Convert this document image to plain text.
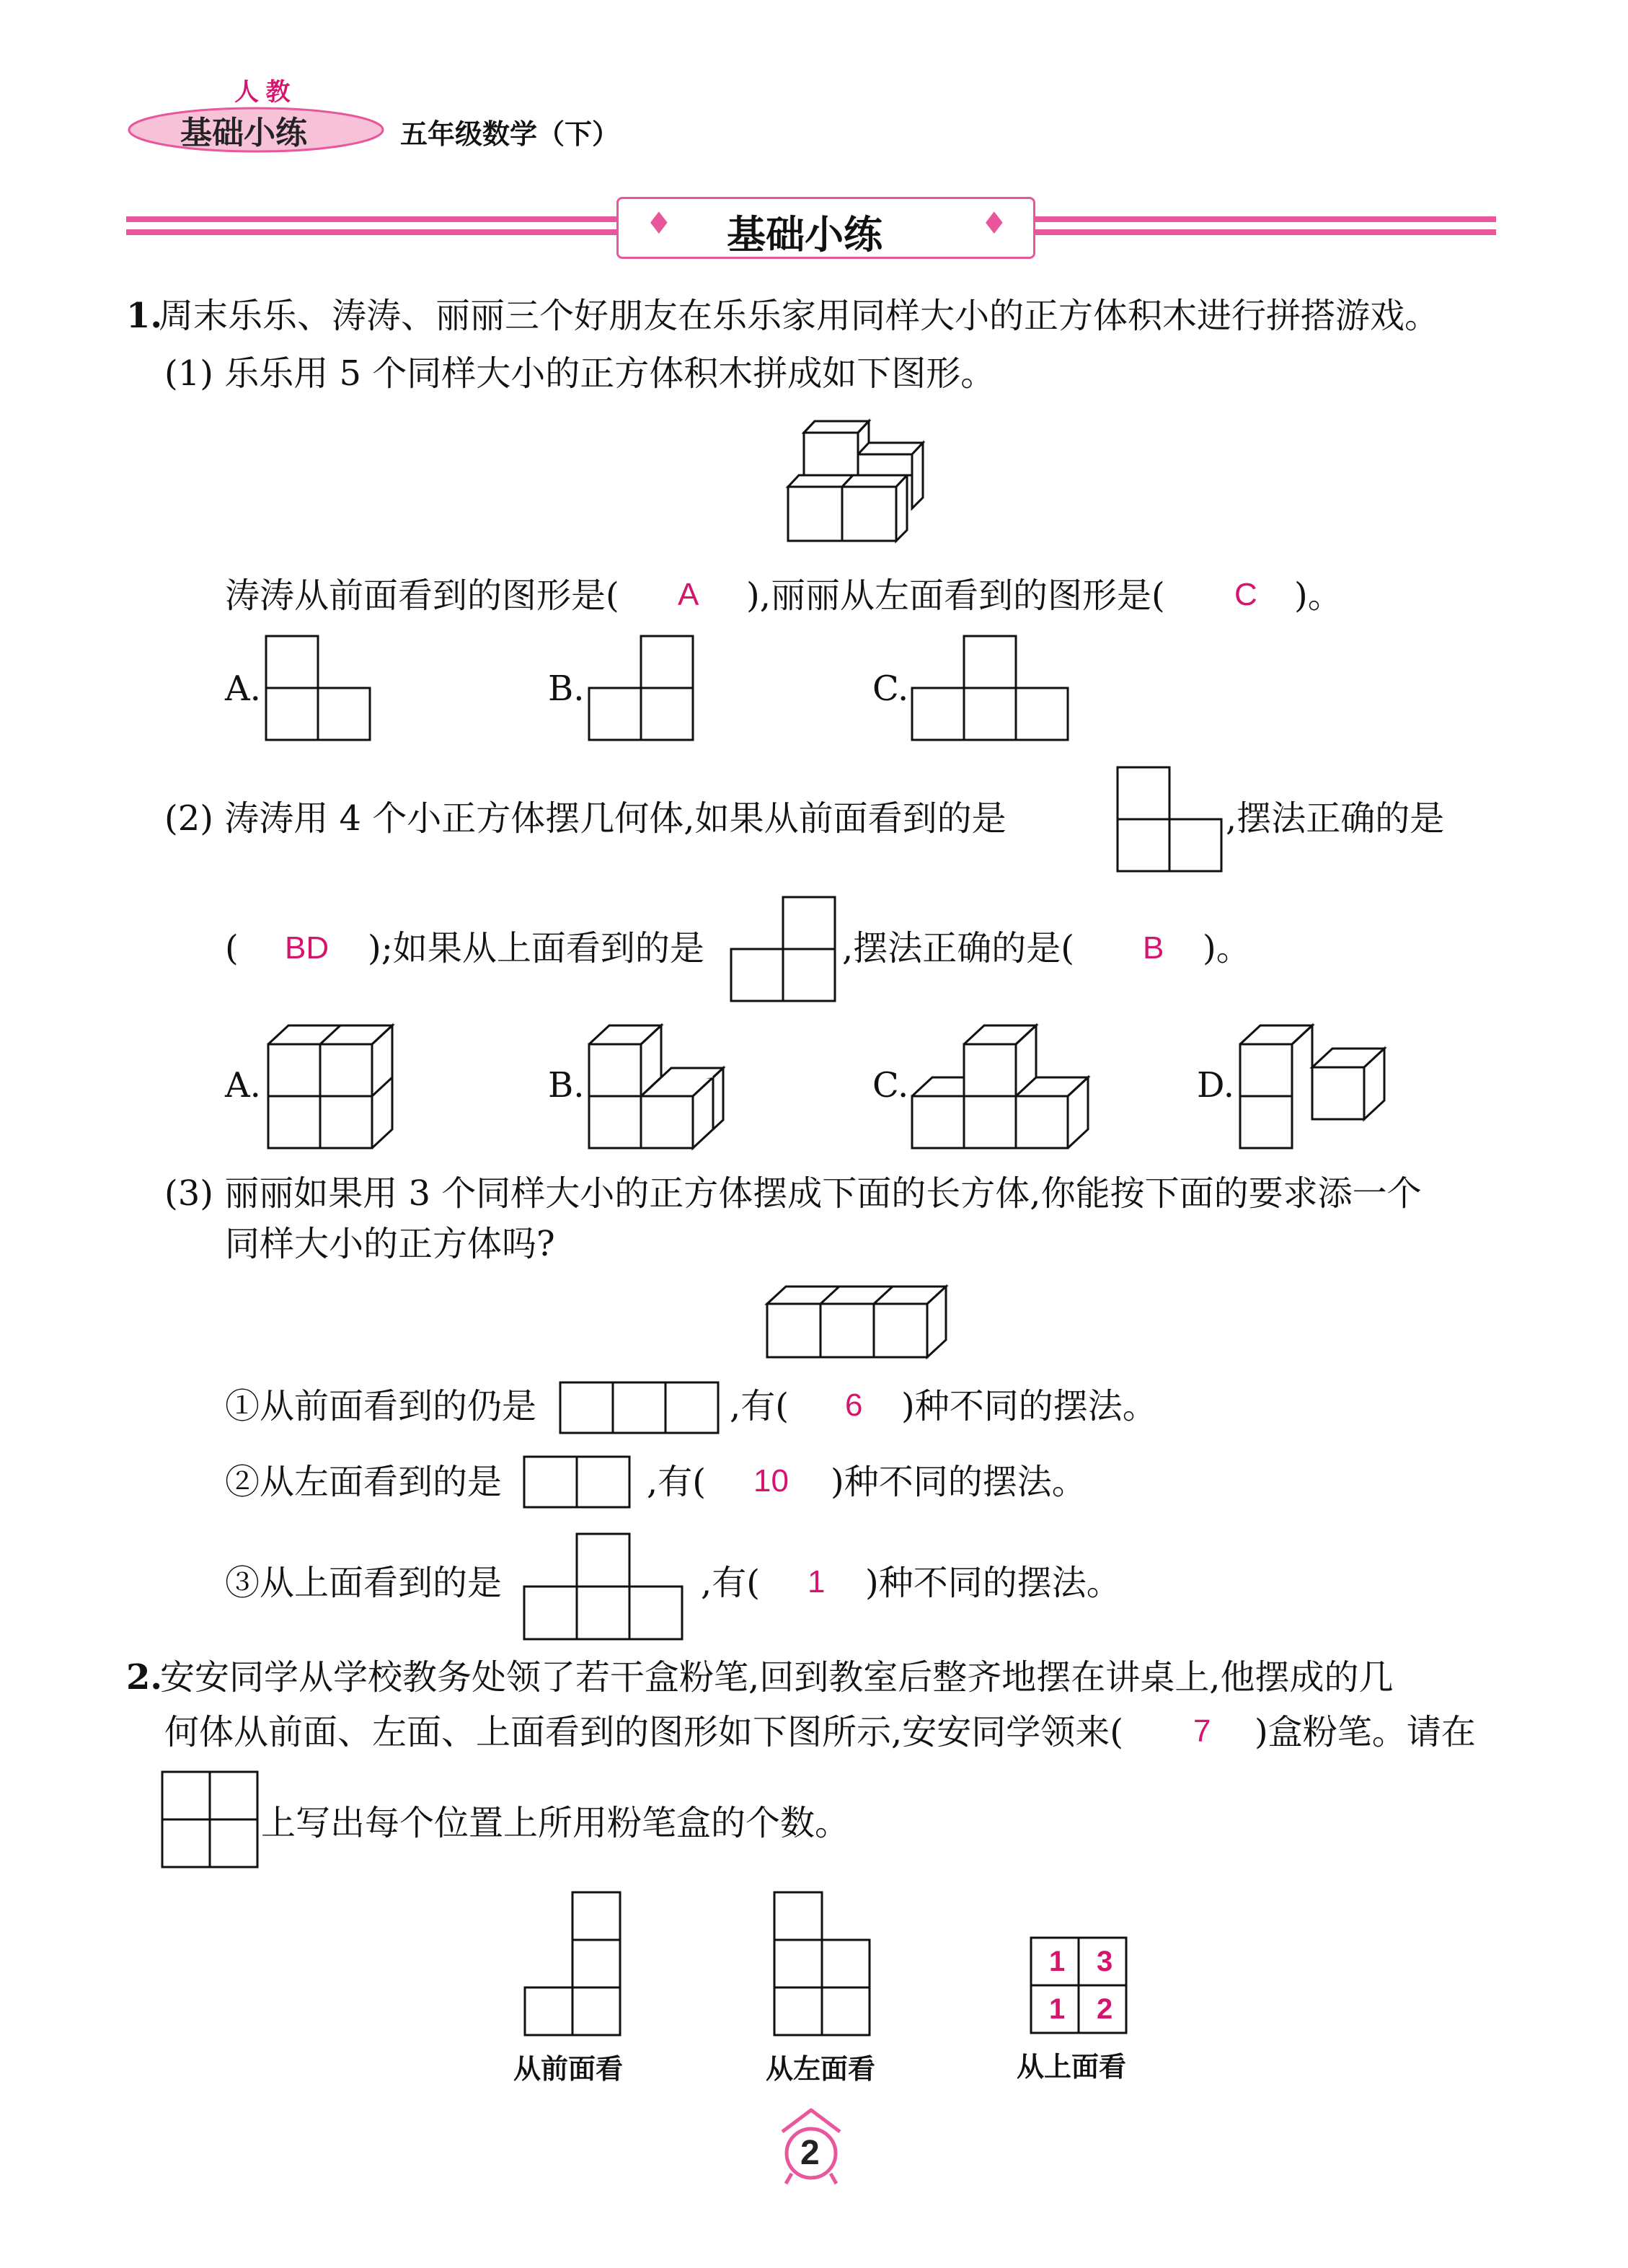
人 教
基础小练	五年级数学（下）
♦	♦
基础小练
1.
周末乐乐、涛涛、丽丽三个好朋友在乐乐家用同样大小的正方体积木进行拼搭游戏。
(1) 乐乐用 5 个同样大小的正方体积木拼成如下图形。
涛涛从前面看到的图形是( A ),丽丽从左面看到的图形是( C )。
A.	B.	C.
(2) 涛涛用 4 个小正方体摆几何体,如果从前面看到的是	,摆法正确的是
( BD );如果从上面看到的是	,摆法正确的是( B )。
A.	B.	C.	D.
(3) 丽丽如果用 3 个同样大小的正方体摆成下面的长方体,你能按下面的要求添一个
同样大小的正方体吗?
①从前面看到的仍是	,有( 6 )种不同的摆法。
②从左面看到的是	,有( 10 )种不同的摆法。
③从上面看到的是	,有( 1 )种不同的摆法。
2.
安安同学从学校教务处领了若干盒粉笔,回到教室后整齐地摆在讲桌上,他摆成的几
何体从前面、左面、上面看到的图形如下图所示,安安同学领来( 7 )盒粉笔。请在
上写出每个位置上所用粉笔盒的个数。
从前面看	从左面看
1 3
1 2
从上面看
2
